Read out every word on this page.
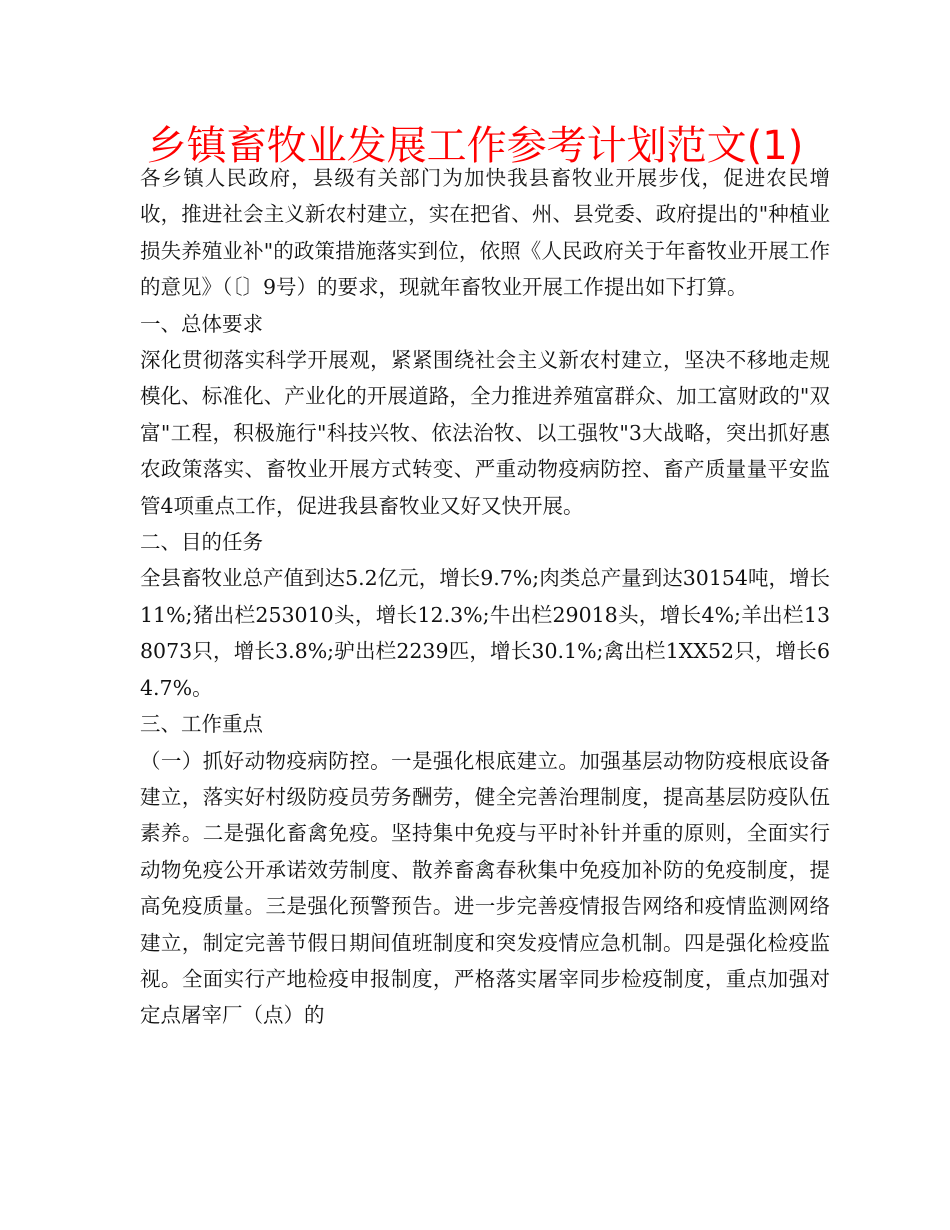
乡镇畜牧业发展工作参考计划范文(1)

各乡镇人民政府，县级有关部门为加快我县畜牧业开展步伐，促进农民增收，推进社会主义新农村建立，实在把省、州、县党委、政府提出的"种植业损失养殖业补"的政策措施落实到位，依照《人民政府关于年畜牧业开展工作的意见》（〔〕9号）的要求，现就年畜牧业开展工作提出如下打算。

一、总体要求

深化贯彻落实科学开展观，紧紧围绕社会主义新农村建立，坚决不移地走规模化、标准化、产业化的开展道路，全力推进养殖富群众、加工富财政的"双富"工程，积极施行"科技兴牧、依法治牧、以工强牧"3大战略，突出抓好惠农政策落实、畜牧业开展方式转变、严重动物疫病防控、畜产质量量平安监管4项重点工作，促进我县畜牧业又好又快开展。

二、目的任务

全县畜牧业总产值到达5.2亿元，增长9.7%;肉类总产量到达30154吨，增长11%;猪出栏253010头，增长12.3%;牛出栏29018头，增长4%;羊出栏138073只，增长3.8%;驴出栏2239匹，增长30.1%;禽出栏1XX52只，增长64.7%。

三、工作重点

（一）抓好动物疫病防控。一是强化根底建立。加强基层动物防疫根底设备建立，落实好村级防疫员劳务酬劳，健全完善治理制度，提高基层防疫队伍素养。二是强化畜禽免疫。坚持集中免疫与平时补针并重的原则，全面实行动物免疫公开承诺效劳制度、散养畜禽春秋集中免疫加补防的免疫制度，提高免疫质量。三是强化预警预告。进一步完善疫情报告网络和疫情监测网络建立，制定完善节假日期间值班制度和突发疫情应急机制。四是强化检疫监视。全面实行产地检疫申报制度，严格落实屠宰同步检疫制度，重点加强对定点屠宰厂（点）的
